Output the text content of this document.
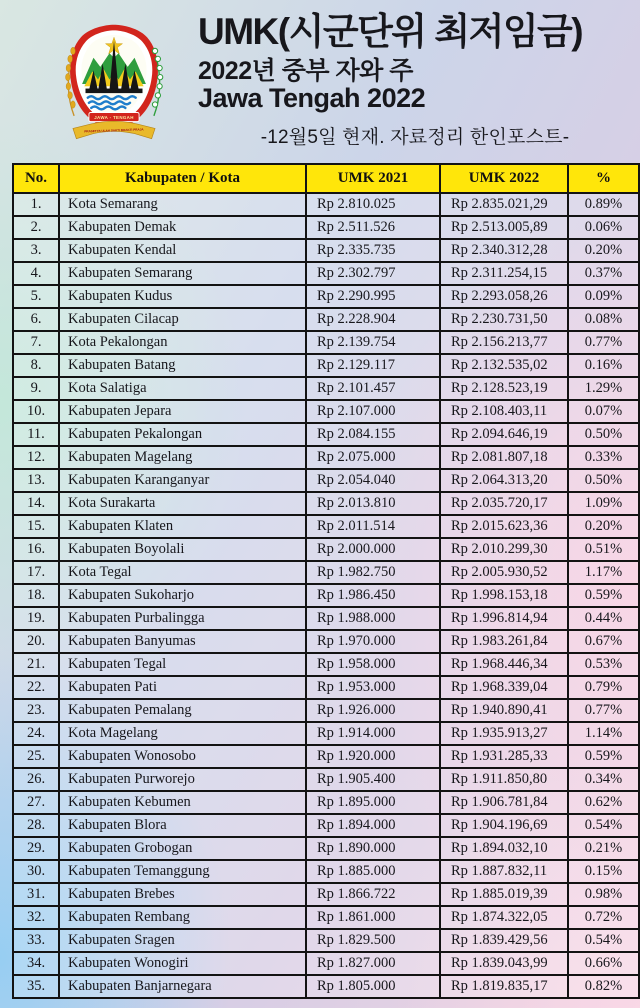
JAWA - TENGAH
PRASETYA ULAH SAKTI BHAKTI PRAJA
UMK(시군단위 최저임금)
2022년 중부 자와 주
Jawa Tengah 2022
-12월5일 현재. 자료정리 한인포스트-
No.	Kabupaten / Kota	UMK 2021	UMK 2022	%
1.	Kota Semarang	Rp 2.810.025	Rp 2.835.021,29	0.89%
2.	Kabupaten Demak	Rp 2.511.526	Rp 2.513.005,89	0.06%
3.	Kabupaten Kendal	Rp 2.335.735	Rp 2.340.312,28	0.20%
4.	Kabupaten Semarang	Rp 2.302.797	Rp 2.311.254,15	0.37%
5.	Kabupaten Kudus	Rp 2.290.995	Rp 2.293.058,26	0.09%
6.	Kabupaten Cilacap	Rp 2.228.904	Rp 2.230.731,50	0.08%
7.	Kota Pekalongan	Rp 2.139.754	Rp 2.156.213,77	0.77%
8.	Kabupaten Batang	Rp 2.129.117	Rp 2.132.535,02	0.16%
9.	Kota Salatiga	Rp 2.101.457	Rp 2.128.523,19	1.29%
10.	Kabupaten Jepara	Rp 2.107.000	Rp 2.108.403,11	0.07%
11.	Kabupaten Pekalongan	Rp 2.084.155	Rp 2.094.646,19	0.50%
12.	Kabupaten Magelang	Rp 2.075.000	Rp 2.081.807,18	0.33%
13.	Kabupaten Karanganyar	Rp 2.054.040	Rp 2.064.313,20	0.50%
14.	Kota Surakarta	Rp 2.013.810	Rp 2.035.720,17	1.09%
15.	Kabupaten Klaten	Rp 2.011.514	Rp 2.015.623,36	0.20%
16.	Kabupaten Boyolali	Rp 2.000.000	Rp 2.010.299,30	0.51%
17.	Kota Tegal	Rp 1.982.750	Rp 2.005.930,52	1.17%
18.	Kabupaten Sukoharjo	Rp 1.986.450	Rp 1.998.153,18	0.59%
19.	Kabupaten Purbalingga	Rp 1.988.000	Rp 1.996.814,94	0.44%
20.	Kabupaten Banyumas	Rp 1.970.000	Rp 1.983.261,84	0.67%
21.	Kabupaten Tegal	Rp 1.958.000	Rp 1.968.446,34	0.53%
22.	Kabupaten Pati	Rp 1.953.000	Rp 1.968.339,04	0.79%
23.	Kabupaten Pemalang	Rp 1.926.000	Rp 1.940.890,41	0.77%
24.	Kota Magelang	Rp 1.914.000	Rp 1.935.913,27	1.14%
25.	Kabupaten Wonosobo	Rp 1.920.000	Rp 1.931.285,33	0.59%
26.	Kabupaten Purworejo	Rp 1.905.400	Rp 1.911.850,80	0.34%
27.	Kabupaten Kebumen	Rp 1.895.000	Rp 1.906.781,84	0.62%
28.	Kabupaten Blora	Rp 1.894.000	Rp 1.904.196,69	0.54%
29.	Kabupaten Grobogan	Rp 1.890.000	Rp 1.894.032,10	0.21%
30.	Kabupaten Temanggung	Rp 1.885.000	Rp 1.887.832,11	0.15%
31.	Kabupaten Brebes	Rp 1.866.722	Rp 1.885.019,39	0.98%
32.	Kabupaten Rembang	Rp 1.861.000	Rp 1.874.322,05	0.72%
33.	Kabupaten Sragen	Rp 1.829.500	Rp 1.839.429,56	0.54%
34.	Kabupaten Wonogiri	Rp 1.827.000	Rp 1.839.043,99	0.66%
35.	Kabupaten Banjarnegara	Rp 1.805.000	Rp 1.819.835,17	0.82%
